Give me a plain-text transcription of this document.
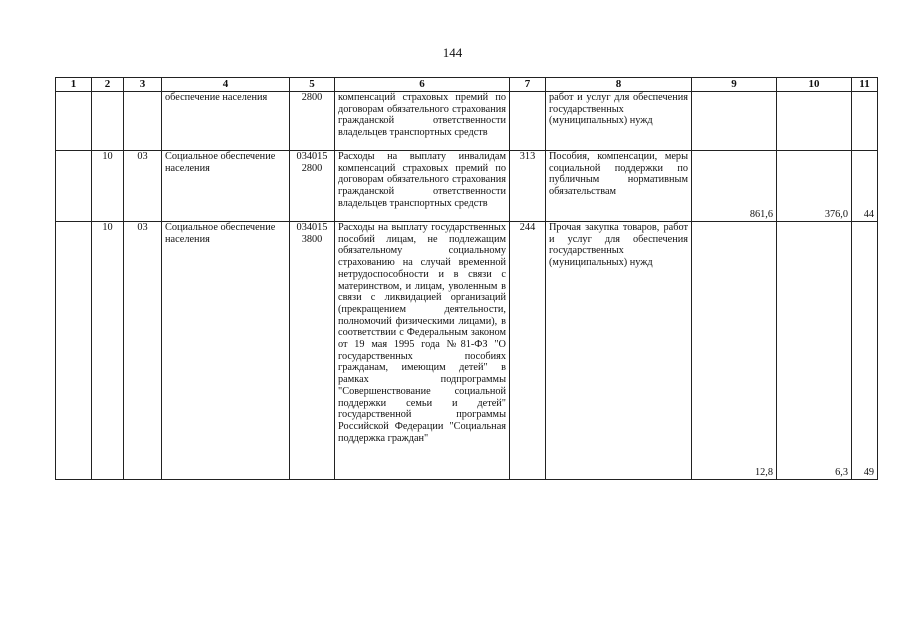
144
1	2	3	4	5	6	7	8	9	10	11
			обеспечение населения	2800	компенсаций страховых премий по договорам обязательного страхования гражданской ответственности владельцев транспортных средств		работ и услуг для обеспечения государственных (муниципальных) нужд			
	10	03	Социальное обеспечение населения	034015 2800	Расходы на выплату инвалидам компенсаций страховых премий по договорам обязательного страхования гражданской ответственности владельцев транспортных средств	313	Пособия, компенсации, меры социальной поддержки по публичным нормативным обязательствам	861,6	376,0	44
	10	03	Социальное обеспечение населения	034015 3800	Расходы на выплату государственных пособий лицам, не подлежащим обязательному социальному страхованию на случай временной нетрудоспособности и в связи с материнством, и лицам, уволенным в связи с ликвидацией организаций (прекращением деятельности, полномочий физическими лицами), в соответствии с Федеральным законом от 19 мая 1995 года №81-ФЗ "О государственных пособиях гражданам, имеющим детей" в рамках подпрограммы "Совершенствование социальной поддержки семьи и детей" государственной программы Российской Федерации "Социальная поддержка граждан"	244	Прочая закупка товаров, работ и услуг для обеспечения государственных (муниципальных) нужд	12,8	6,3	49
